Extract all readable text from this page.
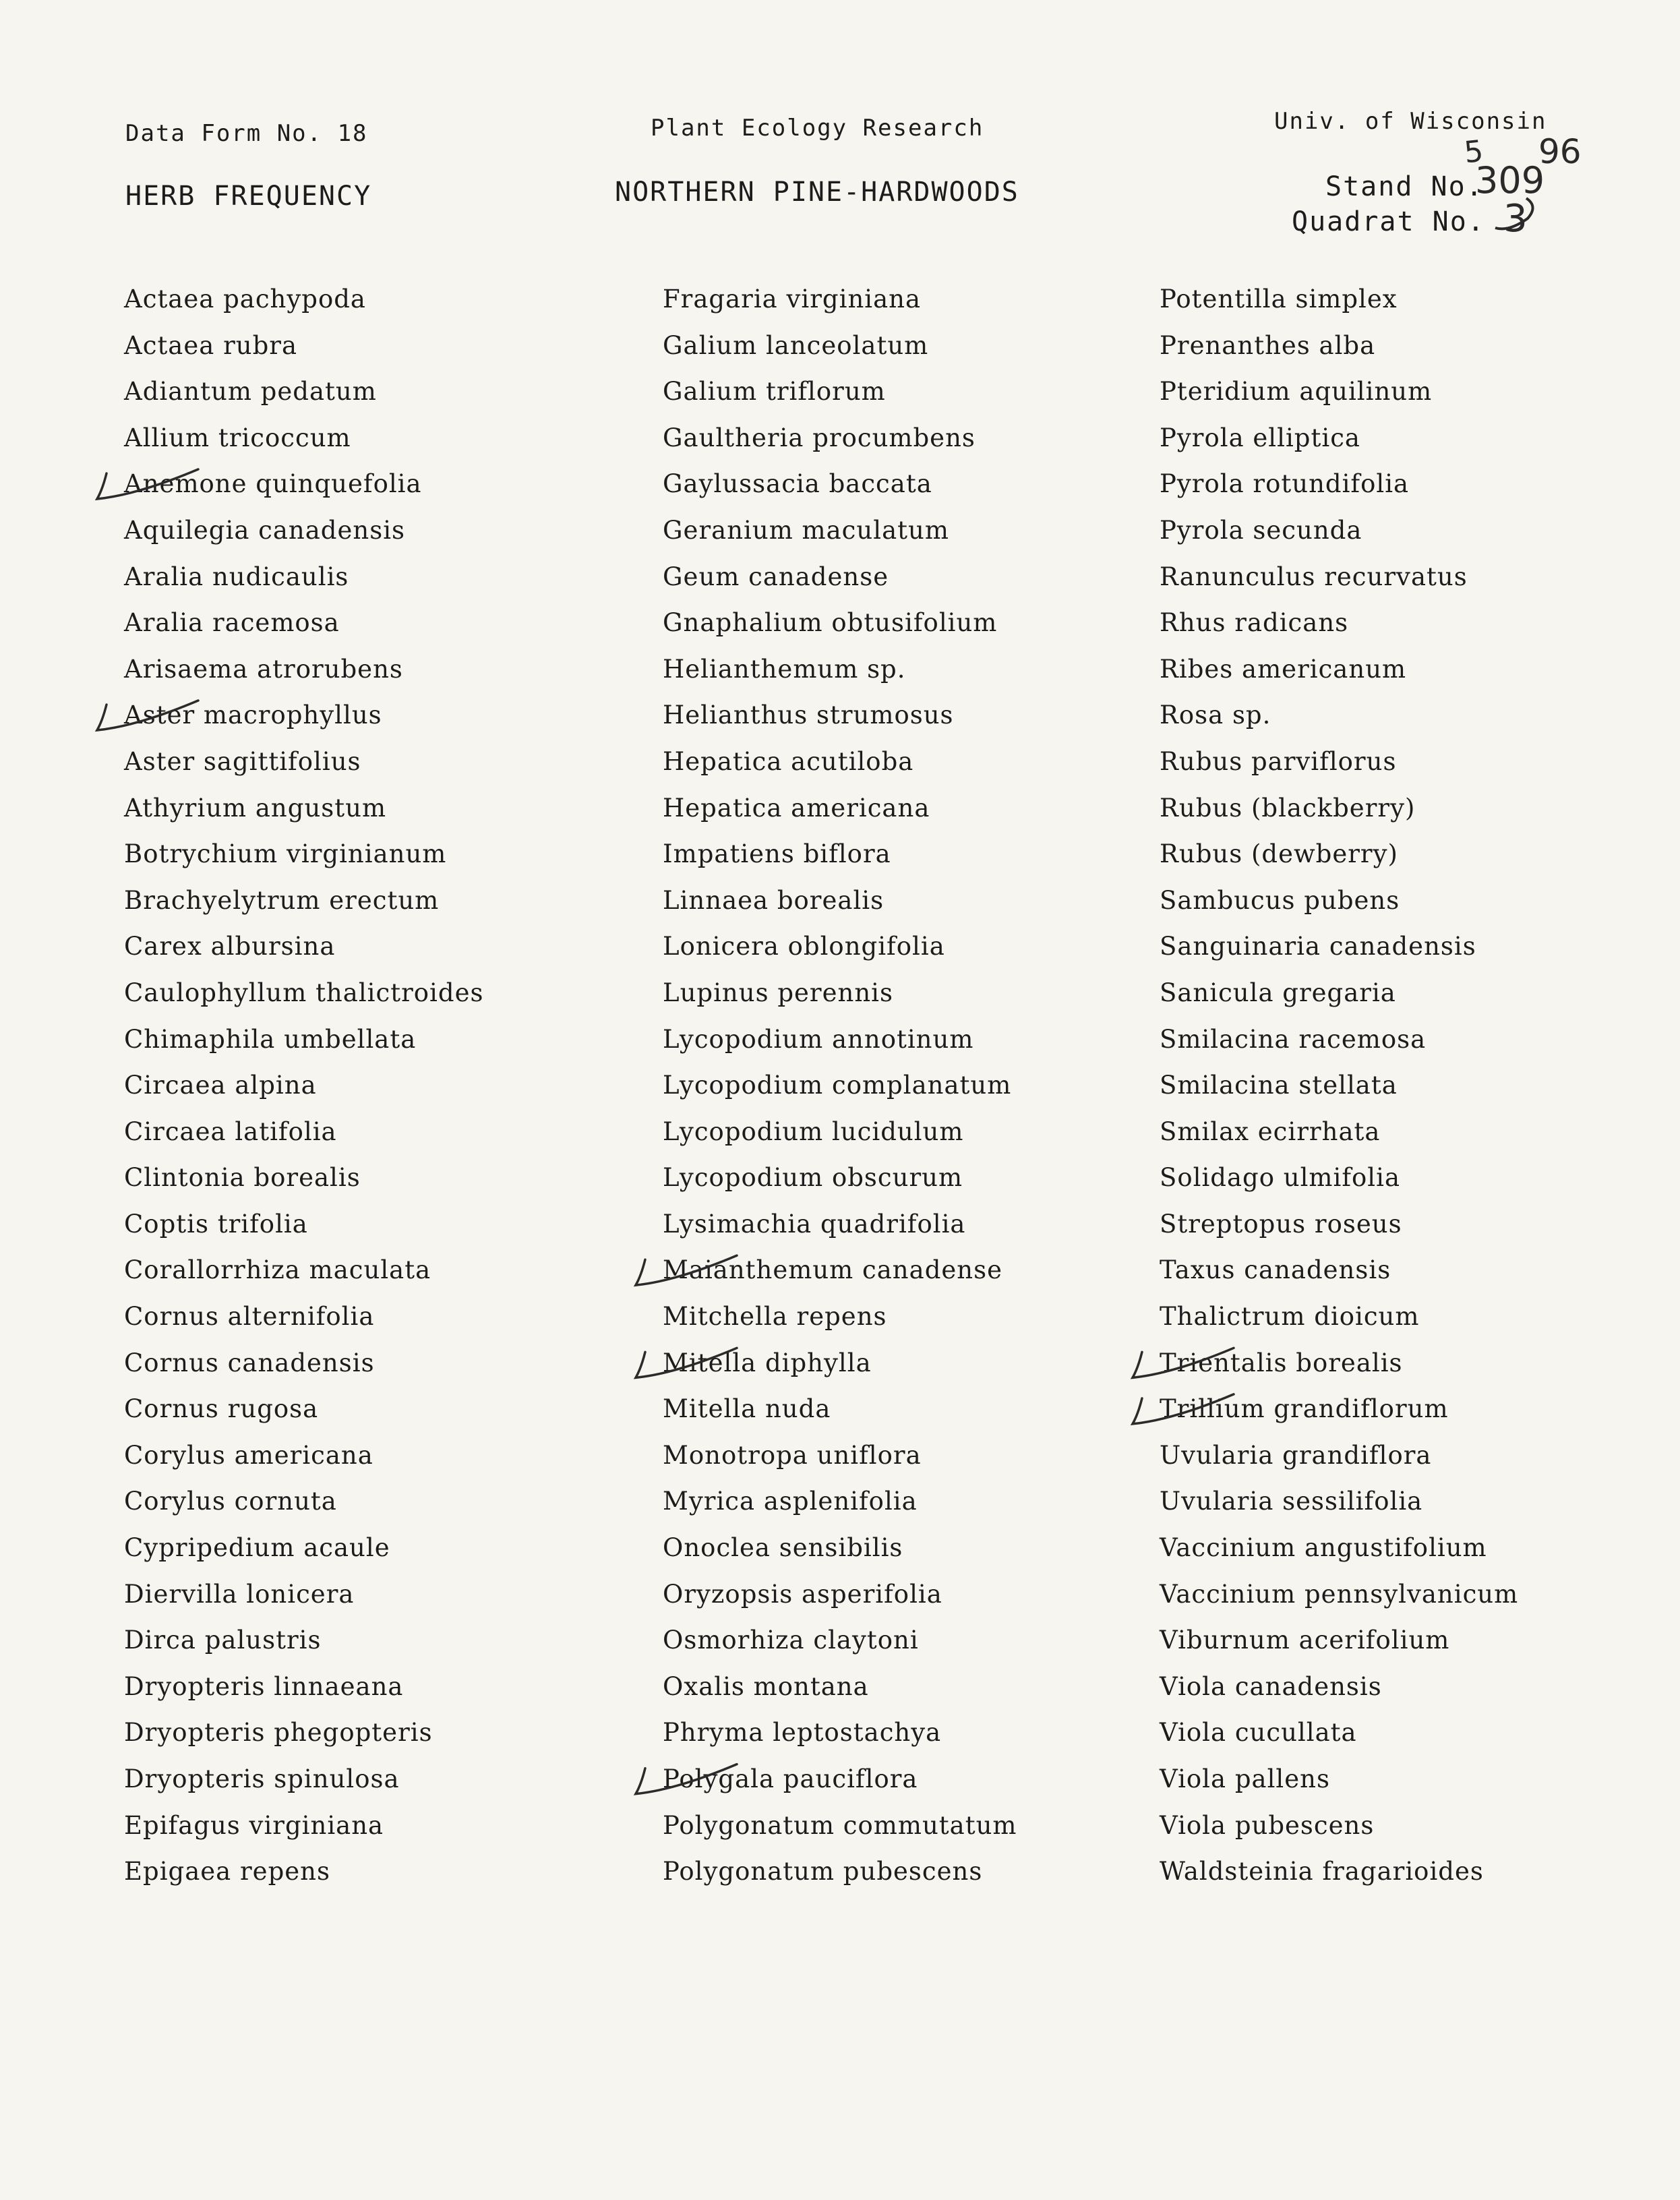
Data Form No. 18	Plant Ecology Research	Univ. of Wisconsin
HERB FREQUENCY	NORTHERN PINE-HARDWOODS	Stand No.
Quadrat No.
5
309
96
3
Actaea pachypoda
Actaea rubra
Adiantum pedatum
Allium tricoccum
Anemone quinquefolia
Aquilegia canadensis
Aralia nudicaulis
Aralia racemosa
Arisaema atrorubens
Aster macrophyllus
Aster sagittifolius
Athyrium angustum
Botrychium virginianum
Brachyelytrum erectum
Carex albursina
Caulophyllum thalictroides
Chimaphila umbellata
Circaea alpina
Circaea latifolia
Clintonia borealis
Coptis trifolia
Corallorrhiza maculata
Cornus alternifolia
Cornus canadensis
Cornus rugosa
Corylus americana
Corylus cornuta
Cypripedium acaule
Diervilla lonicera
Dirca palustris
Dryopteris linnaeana
Dryopteris phegopteris
Dryopteris spinulosa
Epifagus virginiana
Epigaea repens
Fragaria virginiana
Galium lanceolatum
Galium triflorum
Gaultheria procumbens
Gaylussacia baccata
Geranium maculatum
Geum canadense
Gnaphalium obtusifolium
Helianthemum sp.
Helianthus strumosus
Hepatica acutiloba
Hepatica americana
Impatiens biflora
Linnaea borealis
Lonicera oblongifolia
Lupinus perennis
Lycopodium annotinum
Lycopodium complanatum
Lycopodium lucidulum
Lycopodium obscurum
Lysimachia quadrifolia
Maianthemum canadense
Mitchella repens
Mitella diphylla
Mitella nuda
Monotropa uniflora
Myrica asplenifolia
Onoclea sensibilis
Oryzopsis asperifolia
Osmorhiza claytoni
Oxalis montana
Phryma leptostachya
Polygala pauciflora
Polygonatum commutatum
Polygonatum pubescens
Potentilla simplex
Prenanthes alba
Pteridium aquilinum
Pyrola elliptica
Pyrola rotundifolia
Pyrola secunda
Ranunculus recurvatus
Rhus radicans
Ribes americanum
Rosa sp.
Rubus parviflorus
Rubus (blackberry)
Rubus (dewberry)
Sambucus pubens
Sanguinaria canadensis
Sanicula gregaria
Smilacina racemosa
Smilacina stellata
Smilax ecirrhata
Solidago ulmifolia
Streptopus roseus
Taxus canadensis
Thalictrum dioicum
Trientalis borealis
Trillium grandiflorum
Uvularia grandiflora
Uvularia sessilifolia
Vaccinium angustifolium
Vaccinium pennsylvanicum
Viburnum acerifolium
Viola canadensis
Viola cucullata
Viola pallens
Viola pubescens
Waldsteinia fragarioides
